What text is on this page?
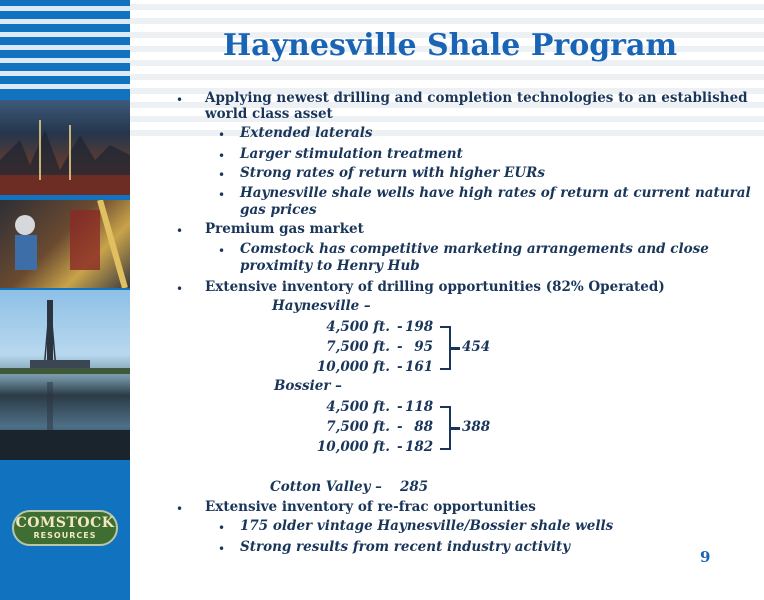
COMSTOCK
RESOURCES
Haynesville Shale Program
• Applying newest drilling and completion technologies to an established
world class asset
• Extended laterals
• Larger stimulation treatment
• Strong rates of return with higher EURs
• Haynesville shale wells have high rates of return at current natural
gas prices
• Premium gas market
• Comstock has competitive marketing arrangements and close
proximity to Henry Hub
• Extensive inventory of drilling opportunities (82% Operated)
Haynesville –
4,500 ft. - 198
7,500 ft. - 95
10,000 ft. - 161
454
Bossier –
4,500 ft. - 118
7,500 ft. - 88
10,000 ft. - 182
388
Cotton Valley – 285
• Extensive inventory of re-frac opportunities
• 175 older vintage Haynesville/Bossier shale wells
• Strong results from recent industry activity
9
